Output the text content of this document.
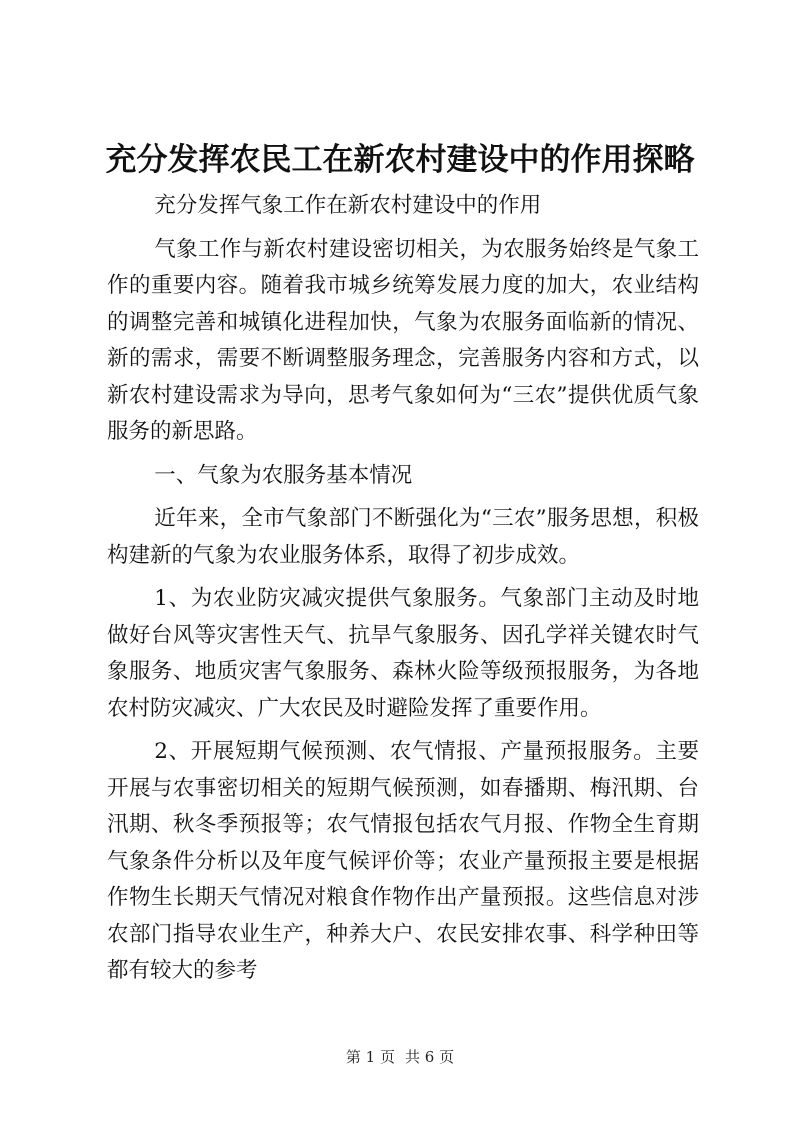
充分发挥农民工在新农村建设中的作用探略

充分发挥气象工作在新农村建设中的作用

气象工作与新农村建设密切相关，为农服务始终是气象工作的重要内容。随着我市城乡统筹发展力度的加大，农业结构的调整完善和城镇化进程加快，气象为农服务面临新的情况、新的需求，需要不断调整服务理念，完善服务内容和方式，以新农村建设需求为导向，思考气象如何为“三农”提供优质气象服务的新思路。

一、气象为农服务基本情况

近年来，全市气象部门不断强化为“三农”服务思想，积极构建新的气象为农业服务体系，取得了初步成效。

1、为农业防灾减灾提供气象服务。气象部门主动及时地做好台风等灾害性天气、抗旱气象服务、因孔学祥关键农时气象服务、地质灾害气象服务、森林火险等级预报服务，为各地农村防灾减灾、广大农民及时避险发挥了重要作用。

2、开展短期气候预测、农气情报、产量预报服务。主要开展与农事密切相关的短期气候预测，如春播期、梅汛期、台汛期、秋冬季预报等；农气情报包括农气月报、作物全生育期气象条件分析以及年度气候评价等；农业产量预报主要是根据作物生长期天气情况对粮食作物作出产量预报。这些信息对涉农部门指导农业生产，种养大户、农民安排农事、科学种田等都有较大的参考

第 1 页 共 6 页
